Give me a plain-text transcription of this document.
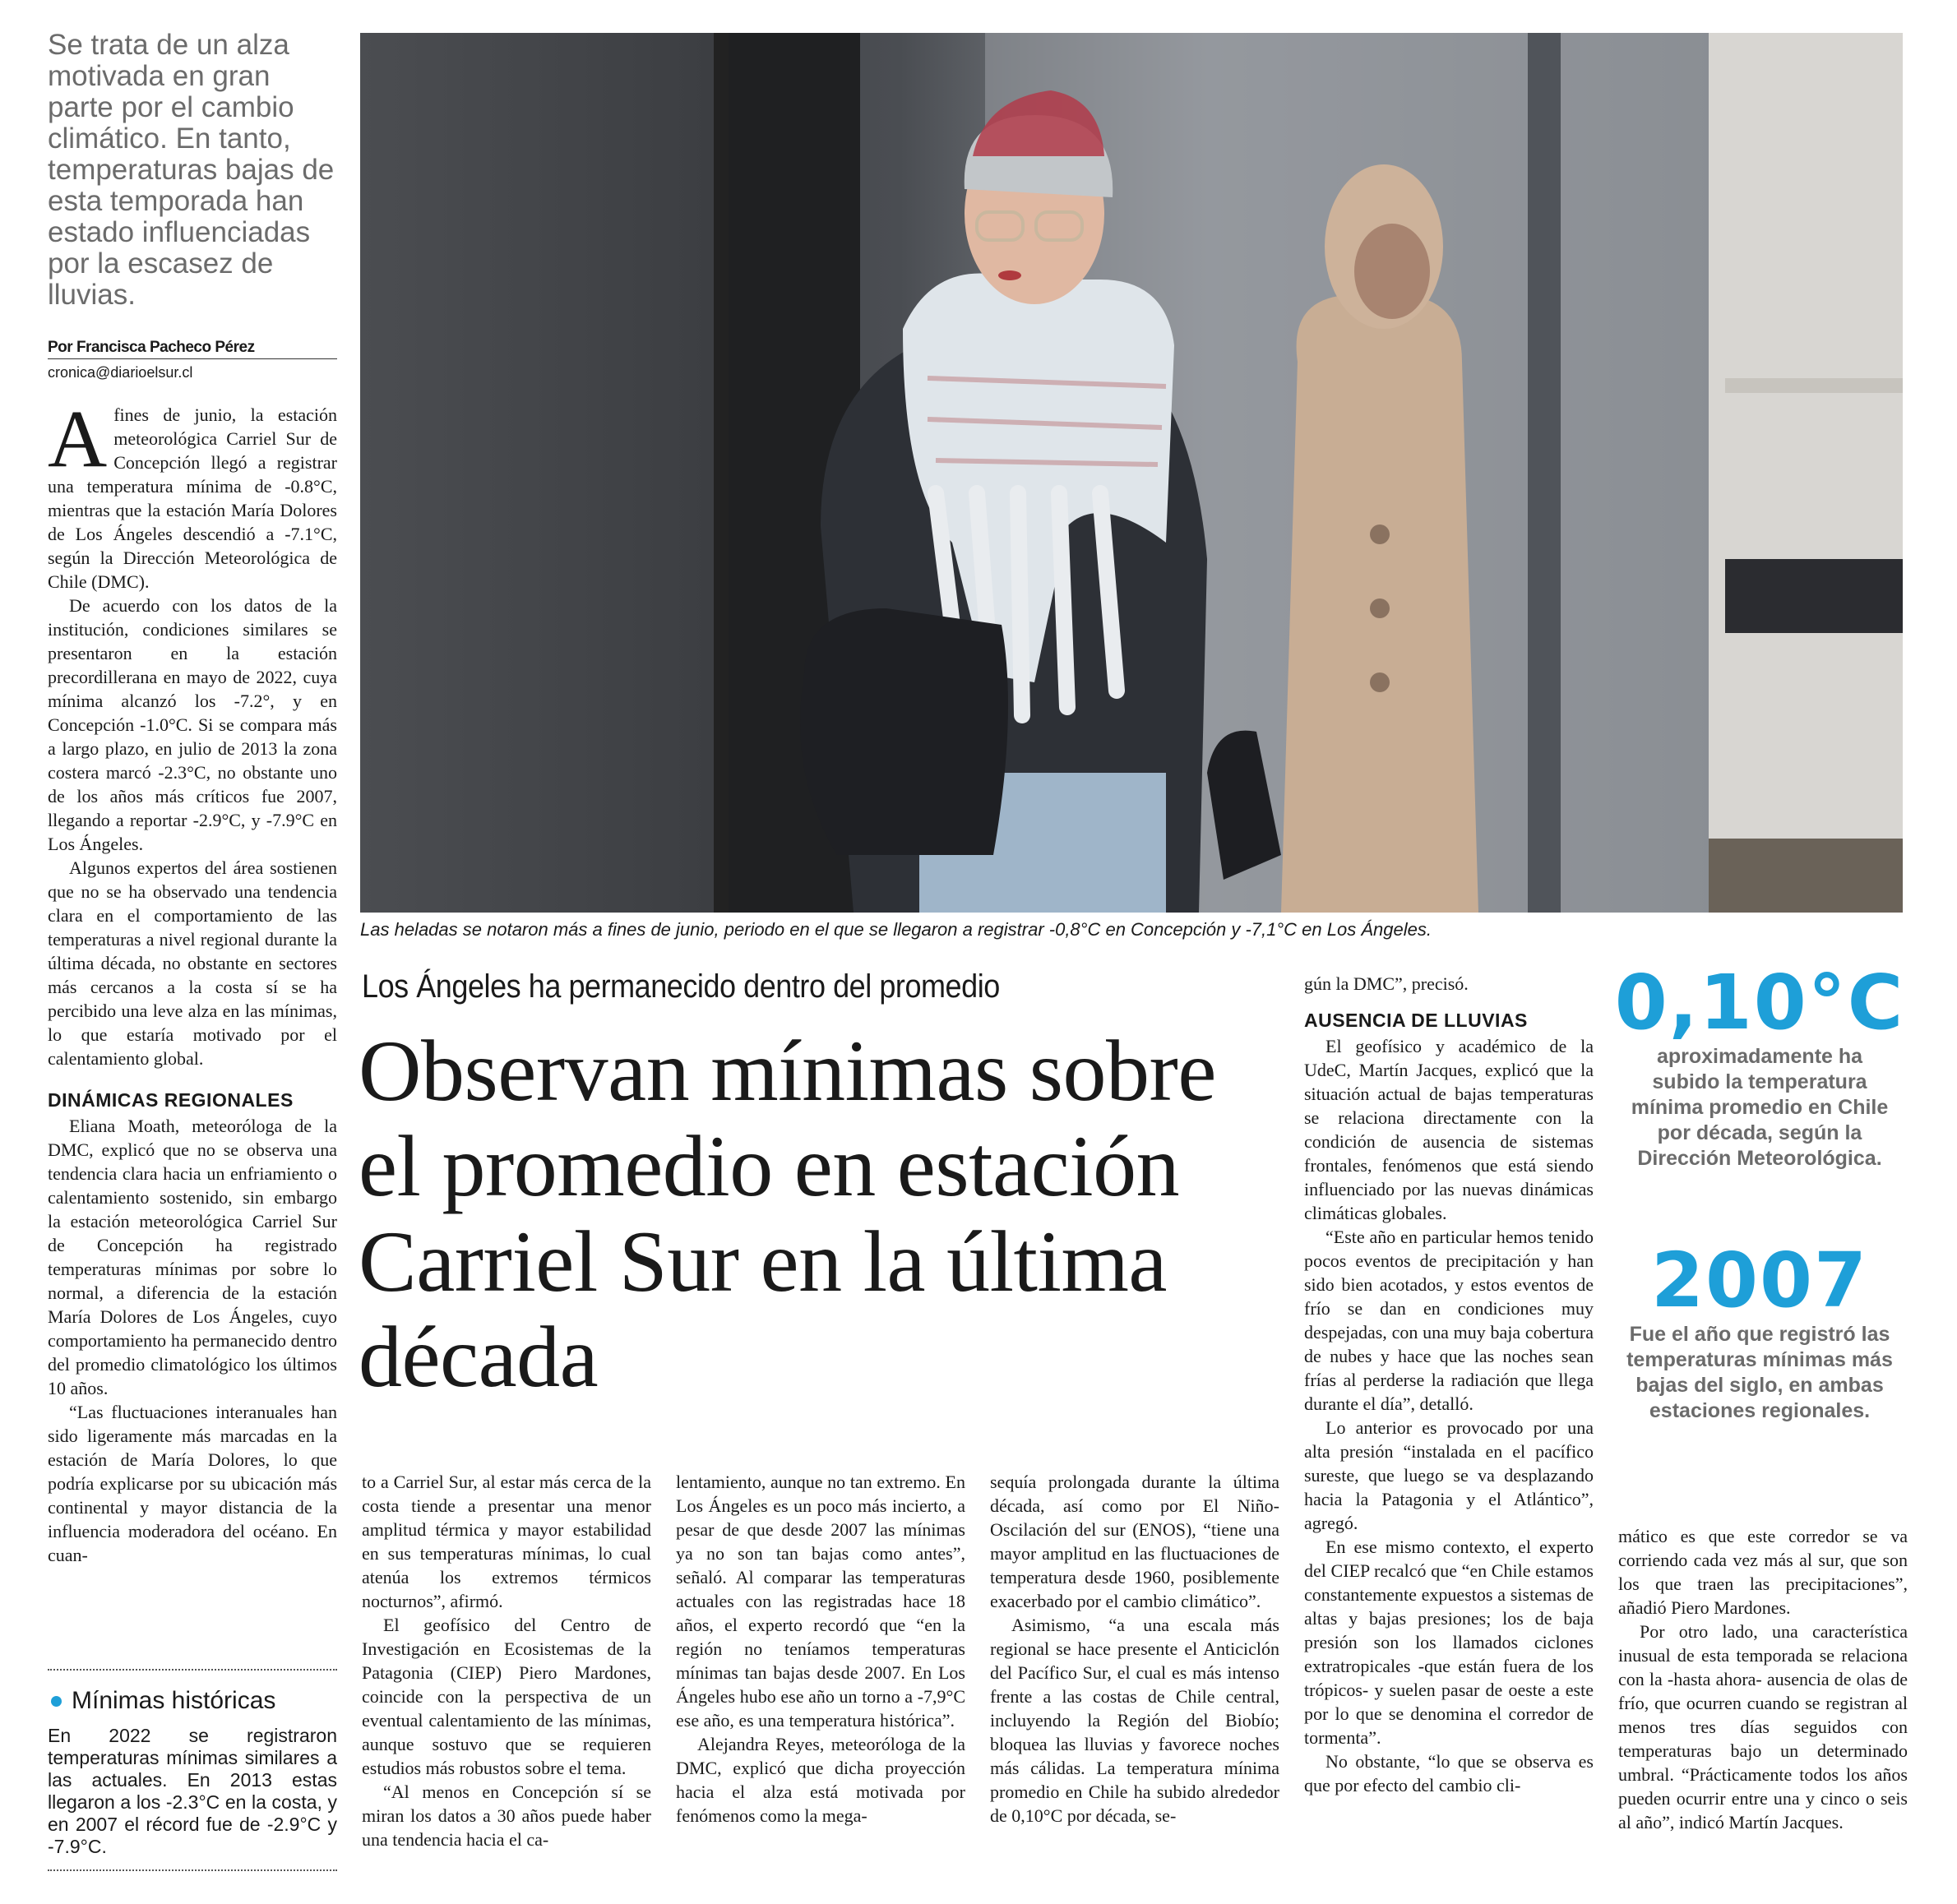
Se trata de un alza motivada en gran parte por el cambio climático. En tanto, temperaturas bajas de esta temporada han estado influenciadas por la escasez de lluvias.
Por Francisca Pacheco Pérez
cronica@diarioelsur.cl

Afines de junio, la estación meteorológica Carriel Sur de Concepción llegó a registrar una temperatura mínima de -0.8°C, mientras que la estación María Dolores de Los Ángeles descendió a -7.1°C, según la Dirección Meteorológica de Chile (DMC).

De acuerdo con los datos de la institución, condiciones similares se presentaron en la estación precordillerana en mayo de 2022, cuya mínima alcanzó los -7.2°, y en Concepción -1.0°C. Si se compara más a largo plazo, en julio de 2013 la zona costera marcó -2.3°C, no obstante uno de los años más críticos fue 2007, llegando a reportar -2.9°C, y -7.9°C en Los Ángeles.

Algunos expertos del área sostienen que no se ha observado una tendencia clara en el comportamiento de las temperaturas a nivel regional durante la última década, no obstante en sectores más cercanos a la costa sí se ha percibido una leve alza en las mínimas, lo que estaría motivado por el calentamiento global.

DINÁMICAS REGIONALES

Eliana Moath, meteoróloga de la DMC, explicó que no se observa una tendencia clara hacia un enfriamiento o calentamiento sostenido, sin embargo la estación meteorológica Carriel Sur de Concepción ha registrado temperaturas mínimas por sobre lo normal, a diferencia de la estación María Dolores de Los Ángeles, cuyo comportamiento ha permanecido dentro del promedio climatológico los últimos 10 años.

“Las fluctuaciones interanuales han sido ligeramente más marcadas en la estación de María Dolores, lo que podría explicarse por su ubicación más continental y mayor distancia de la influencia moderadora del océano. En cuan-

Mínimas históricas
En 2022 se registraron temperaturas mínimas similares a las actuales. En 2013 estas llegaron a los -2.3°C en la costa, y en 2007 el récord fue de -2.9°C y -7.9°C.
Las heladas se notaron más a fines de junio, periodo en el que se llegaron a registrar -0,8°C en Concepción y -7,1°C en Los Ángeles.
Los Ángeles ha permanecido dentro del promedio
Observan mínimas sobre el promedio en estación Carriel Sur en la última década

to a Carriel Sur, al estar más cerca de la costa tiende a presentar una menor amplitud térmica y mayor estabilidad en sus temperaturas mínimas, lo cual atenúa los extremos térmicos nocturnos”, afirmó.

El geofísico del Centro de Investigación en Ecosistemas de la Patagonia (CIEP) Piero Mardones, coincide con la perspectiva de un eventual calentamiento de las mínimas, aunque sostuvo que se requieren estudios más robustos sobre el tema.

“Al menos en Concepción sí se miran los datos a 30 años puede haber una tendencia hacia el ca-

lentamiento, aunque no tan extremo. En Los Ángeles es un poco más incierto, a pesar de que desde 2007 las mínimas ya no son tan bajas como antes”, señaló. Al comparar las temperaturas actuales con las registradas hace 18 años, el experto recordó que “en la región no teníamos temperaturas mínimas tan bajas desde 2007. En Los Ángeles hubo ese año un torno a -7,9°C ese año, es una temperatura histórica”.

Alejandra Reyes, meteoróloga de la DMC, explicó que dicha proyección hacia el alza está motivada por fenómenos como la mega-

sequía prolongada durante la última década, así como por El Niño-Oscilación del sur (ENOS), “tiene una mayor amplitud en las fluctuaciones de temperatura desde 1960, posiblemente exacerbado por el cambio climático”.

Asimismo, “a una escala más regional se hace presente el Anticiclón del Pacífico Sur, el cual es más intenso frente a las costas de Chile central, incluyendo la Región del Biobío; bloquea las lluvias y favorece noches más cálidas. La temperatura mínima promedio en Chile ha subido alrededor de 0,10°C por década, se-

gún la DMC”, precisó.

AUSENCIA DE LLUVIAS

El geofísico y académico de la UdeC, Martín Jacques, explicó que la situación actual de bajas temperaturas se relaciona directamente con la condición de ausencia de sistemas frontales, fenómenos que está siendo influenciado por las nuevas dinámicas climáticas globales.

“Este año en particular hemos tenido pocos eventos de precipitación y han sido bien acotados, y estos eventos de frío se dan en condiciones muy despejadas, con una muy baja cobertura de nubes y hace que las noches sean frías al perderse la radiación que llega durante el día”, detalló.

Lo anterior es provocado por una alta presión “instalada en el pacífico sureste, que luego se va desplazando hacia la Patagonia y el Atlántico”, agregó.

En ese mismo contexto, el experto del CIEP recalcó que “en Chile estamos constantemente expuestos a sistemas de altas y bajas presiones; los de baja presión son los llamados ciclones extratropicales -que están fuera de los trópicos- y suelen pasar de oeste a este por lo que se denomina el corredor de tormenta”.

No obstante, “lo que se observa es que por efecto del cambio cli-

0,10°C
aproximadamente ha subido la temperatura mínima promedio en Chile por década, según la Dirección Meteorológica.
2007
Fue el año que registró las temperaturas mínimas más bajas del siglo, en ambas estaciones regionales.

mático es que este corredor se va corriendo cada vez más al sur, que son los que traen las precipitaciones”, añadió Piero Mardones.

Por otro lado, una característica inusual de esta temporada se relaciona con la -hasta ahora- ausencia de olas de frío, que ocurren cuando se registran al menos tres días seguidos con temperaturas bajo un determinado umbral. “Prácticamente todos los años pueden ocurrir entre una y cinco o seis al año”, indicó Martín Jacques.
